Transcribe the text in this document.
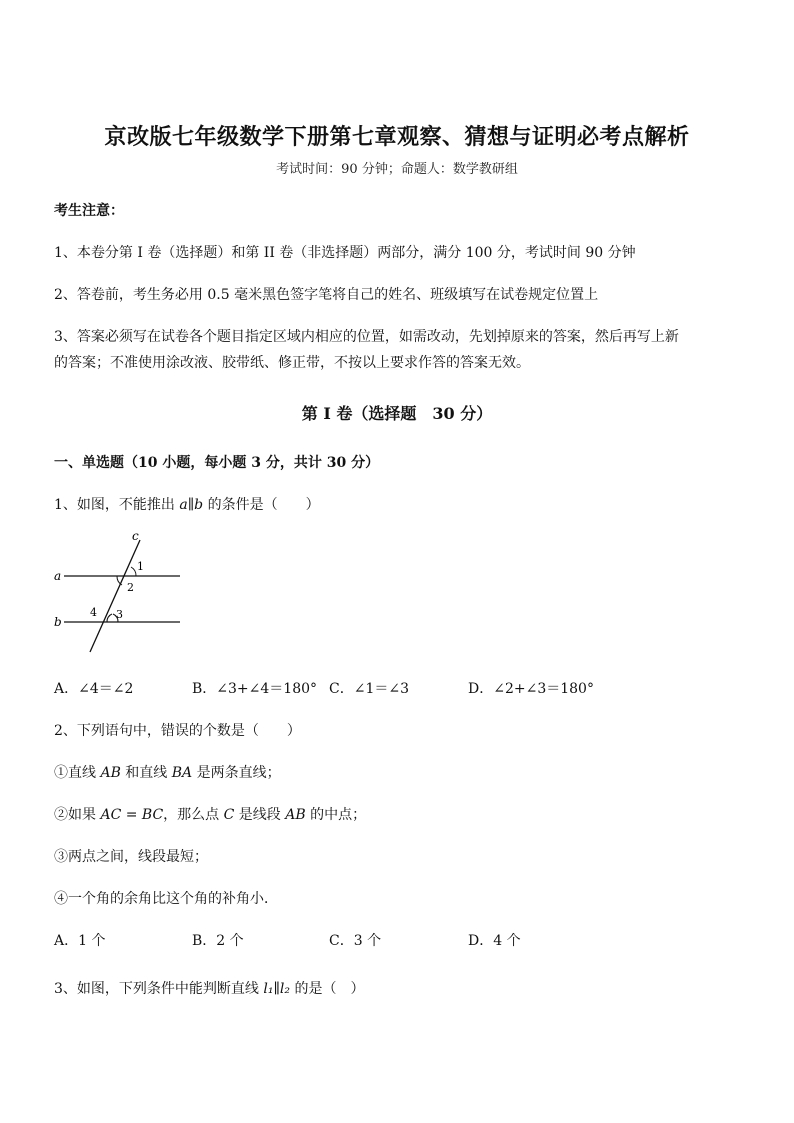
京改版七年级数学下册第七章观察、猜想与证明必考点解析
考试时间：90 分钟；命题人：数学教研组
考生注意：
1、本卷分第 I 卷（选择题）和第 II 卷（非选择题）两部分，满分 100 分，考试时间 90 分钟
2、答卷前，考生务必用 0.5 毫米黑色签字笔将自己的姓名、班级填写在试卷规定位置上
3、答案必须写在试卷各个题目指定区域内相应的位置，如需改动，先划掉原来的答案，然后再写上新
的答案；不准使用涂改液、胶带纸、修正带，不按以上要求作答的答案无效。
第 I 卷（选择题　30 分）
一、单选题（10 小题，每小题 3 分，共计 30 分）
1、如图，不能推出 a∥b 的条件是（　　）
a
b
c
1
2
3
4
A．∠4＝∠2	B．∠3+∠4＝180° C．∠1＝∠3	D．∠2+∠3＝180°
2、下列语句中，错误的个数是（　　）
①直线 AB 和直线 BA 是两条直线；
②如果 AC = BC，那么点 C 是线段 AB 的中点；
③两点之间，线段最短；
④一个角的余角比这个角的补角小．
A．1 个	B．2 个	C．3 个	D．4 个
3、如图，下列条件中能判断直线 l₁∥l₂ 的是（　）
